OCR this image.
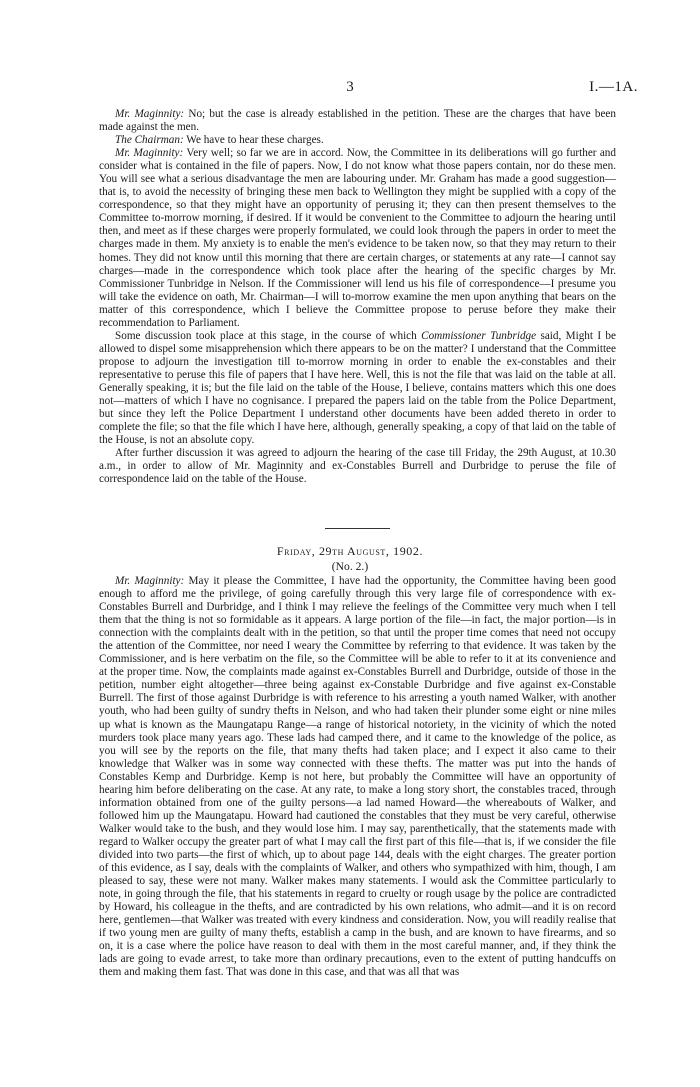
3	I.—1A.

Mr. Maginnity: No; but the case is already established in the petition. These are the charges that have been made against the men.

The Chairman: We have to hear these charges.

Mr. Maginnity: Very well; so far we are in accord. Now, the Committee in its deliberations will go further and consider what is contained in the file of papers. Now, I do not know what those papers contain, nor do these men. You will see what a serious disadvantage the men are labouring under. Mr. Graham has made a good suggestion—that is, to avoid the necessity of bringing these men back to Wellington they might be supplied with a copy of the correspondence, so that they might have an opportunity of perusing it; they can then present themselves to the Committee to-morrow morning, if desired. If it would be convenient to the Committee to adjourn the hearing until then, and meet as if these charges were properly formulated, we could look through the papers in order to meet the charges made in them. My anxiety is to enable the men's evidence to be taken now, so that they may return to their homes. They did not know until this morning that there are certain charges, or statements at any rate—I cannot say charges—made in the correspondence which took place after the hearing of the specific charges by Mr. Commissioner Tunbridge in Nelson. If the Commissioner will lend us his file of correspondence—I presume you will take the evidence on oath, Mr. Chairman—I will to-morrow examine the men upon anything that bears on the matter of this correspondence, which I believe the Committee propose to peruse before they make their recommendation to Parliament.

Some discussion took place at this stage, in the course of which Commissioner Tunbridge said, Might I be allowed to dispel some misapprehension which there appears to be on the matter? I understand that the Committee propose to adjourn the investigation till to-morrow morning in order to enable the ex-constables and their representative to peruse this file of papers that I have here. Well, this is not the file that was laid on the table at all. Generally speaking, it is; but the file laid on the table of the House, I believe, contains matters which this one does not—matters of which I have no cognisance. I prepared the papers laid on the table from the Police Department, but since they left the Police Department I understand other documents have been added thereto in order to complete the file; so that the file which I have here, although, generally speaking, a copy of that laid on the table of the House, is not an absolute copy.

After further discussion it was agreed to adjourn the hearing of the case till Friday, the 29th August, at 10.30 a.m., in order to allow of Mr. Maginnity and ex-Constables Burrell and Durbridge to peruse the file of correspondence laid on the table of the House.

Friday, 29th August, 1902.
(No. 2.)

Mr. Maginnity: May it please the Committee, I have had the opportunity, the Committee having been good enough to afford me the privilege, of going carefully through this very large file of correspondence with ex-Constables Burrell and Durbridge, and I think I may relieve the feelings of the Committee very much when I tell them that the thing is not so formidable as it appears. A large portion of the file—in fact, the major portion—is in connection with the complaints dealt with in the petition, so that until the proper time comes that need not occupy the attention of the Committee, nor need I weary the Committee by referring to that evidence. It was taken by the Commissioner, and is here verbatim on the file, so the Committee will be able to refer to it at its convenience and at the proper time. Now, the complaints made against ex-Constables Burrell and Durbridge, outside of those in the petition, number eight altogether—three being against ex-Constable Durbridge and five against ex-Constable Burrell. The first of those against Durbridge is with reference to his arresting a youth named Walker, with another youth, who had been guilty of sundry thefts in Nelson, and who had taken their plunder some eight or nine miles up what is known as the Maungatapu Range—a range of historical notoriety, in the vicinity of which the noted murders took place many years ago. These lads had camped there, and it came to the knowledge of the police, as you will see by the reports on the file, that many thefts had taken place; and I expect it also came to their knowledge that Walker was in some way connected with these thefts. The matter was put into the hands of Constables Kemp and Durbridge. Kemp is not here, but probably the Committee will have an opportunity of hearing him before deliberating on the case. At any rate, to make a long story short, the constables traced, through information obtained from one of the guilty persons—a lad named Howard—the whereabouts of Walker, and followed him up the Maungatapu. Howard had cautioned the constables that they must be very careful, otherwise Walker would take to the bush, and they would lose him. I may say, parenthetically, that the statements made with regard to Walker occupy the greater part of what I may call the first part of this file—that is, if we consider the file divided into two parts—the first of which, up to about page 144, deals with the eight charges. The greater portion of this evidence, as I say, deals with the complaints of Walker, and others who sympathized with him, though, I am pleased to say, these were not many. Walker makes many statements. I would ask the Committee particularly to note, in going through the file, that his statements in regard to cruelty or rough usage by the police are contradicted by Howard, his colleague in the thefts, and are contradicted by his own relations, who admit—and it is on record here, gentlemen—that Walker was treated with every kindness and consideration. Now, you will readily realise that if two young men are guilty of many thefts, establish a camp in the bush, and are known to have firearms, and so on, it is a case where the police have reason to deal with them in the most careful manner, and, if they think the lads are going to evade arrest, to take more than ordinary precautions, even to the extent of putting handcuffs on them and making them fast. That was done in this case, and that was all that was
